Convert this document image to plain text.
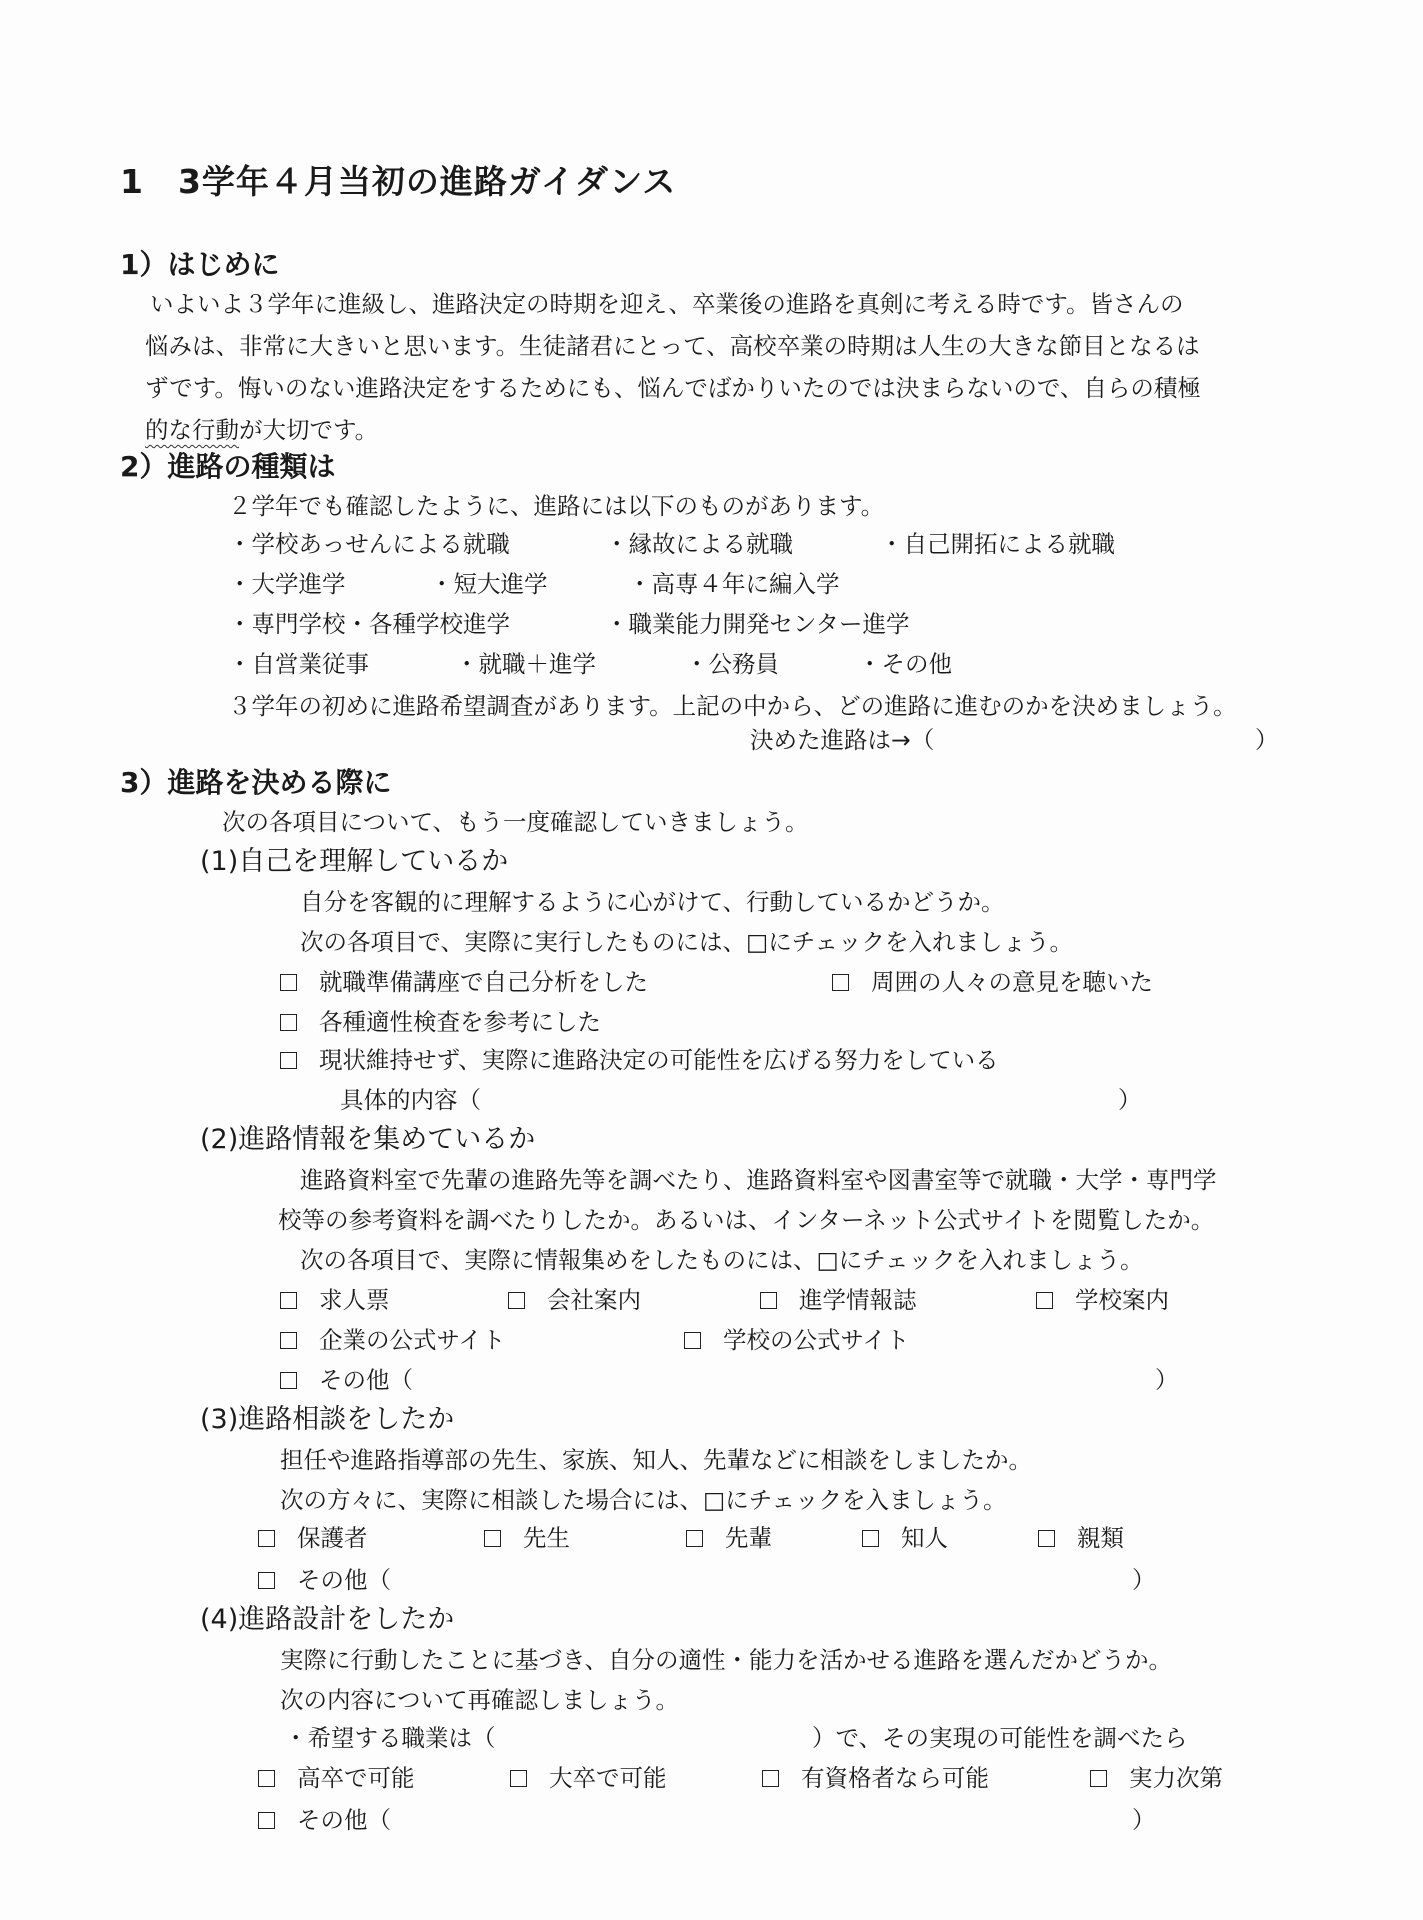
1　3学年４月当初の進路ガイダンス
1）はじめに
いよいよ３学年に進級し、進路決定の時期を迎え、卒業後の進路を真剣に考える時です。皆さんの
悩みは、非常に大きいと思います。生徒諸君にとって、高校卒業の時期は人生の大きな節目となるは
ずです。悔いのない進路決定をするためにも、悩んでばかりいたのでは決まらないので、自らの積極
的な行動が大切です。
2）進路の種類は
２学年でも確認したように、進路には以下のものがあります。
・学校あっせんによる就職	・縁故による就職	・自己開拓による就職
・大学進学	・短大進学	・高専４年に編入学
・専門学校・各種学校進学	・職業能力開発センター進学
・自営業従事	・就職＋進学	・公務員	・その他
３学年の初めに進路希望調査があります。上記の中から、どの進路に進むのかを決めましょう。
決めた進路は→（	）
3）進路を決める際に
次の各項目について、もう一度確認していきましょう。
(1)自己を理解しているか
自分を客観的に理解するように心がけて、行動しているかどうか。
次の各項目で、実際に実行したものには、□にチェックを入れましょう。
就職準備講座で自己分析をした	周囲の人々の意見を聴いた
各種適性検査を参考にした
現状維持せず、実際に進路決定の可能性を広げる努力をしている
具体的内容（	）
(2)進路情報を集めているか
進路資料室で先輩の進路先等を調べたり、進路資料室や図書室等で就職・大学・専門学
校等の参考資料を調べたりしたか。あるいは、インターネット公式サイトを閲覧したか。
次の各項目で、実際に情報集めをしたものには、□にチェックを入れましょう。
求人票	会社案内	進学情報誌	学校案内
企業の公式サイト	学校の公式サイト
その他（	）
(3)進路相談をしたか
担任や進路指導部の先生、家族、知人、先輩などに相談をしましたか。
次の方々に、実際に相談した場合には、□にチェックを入ましょう。
保護者	先生	先輩	知人	親類
その他（	）
(4)進路設計をしたか
実際に行動したことに基づき、自分の適性・能力を活かせる進路を選んだかどうか。
次の内容について再確認しましょう。
・希望する職業は（	）で、その実現の可能性を調べたら
高卒で可能	大卒で可能	有資格者なら可能	実力次第
その他（	）
